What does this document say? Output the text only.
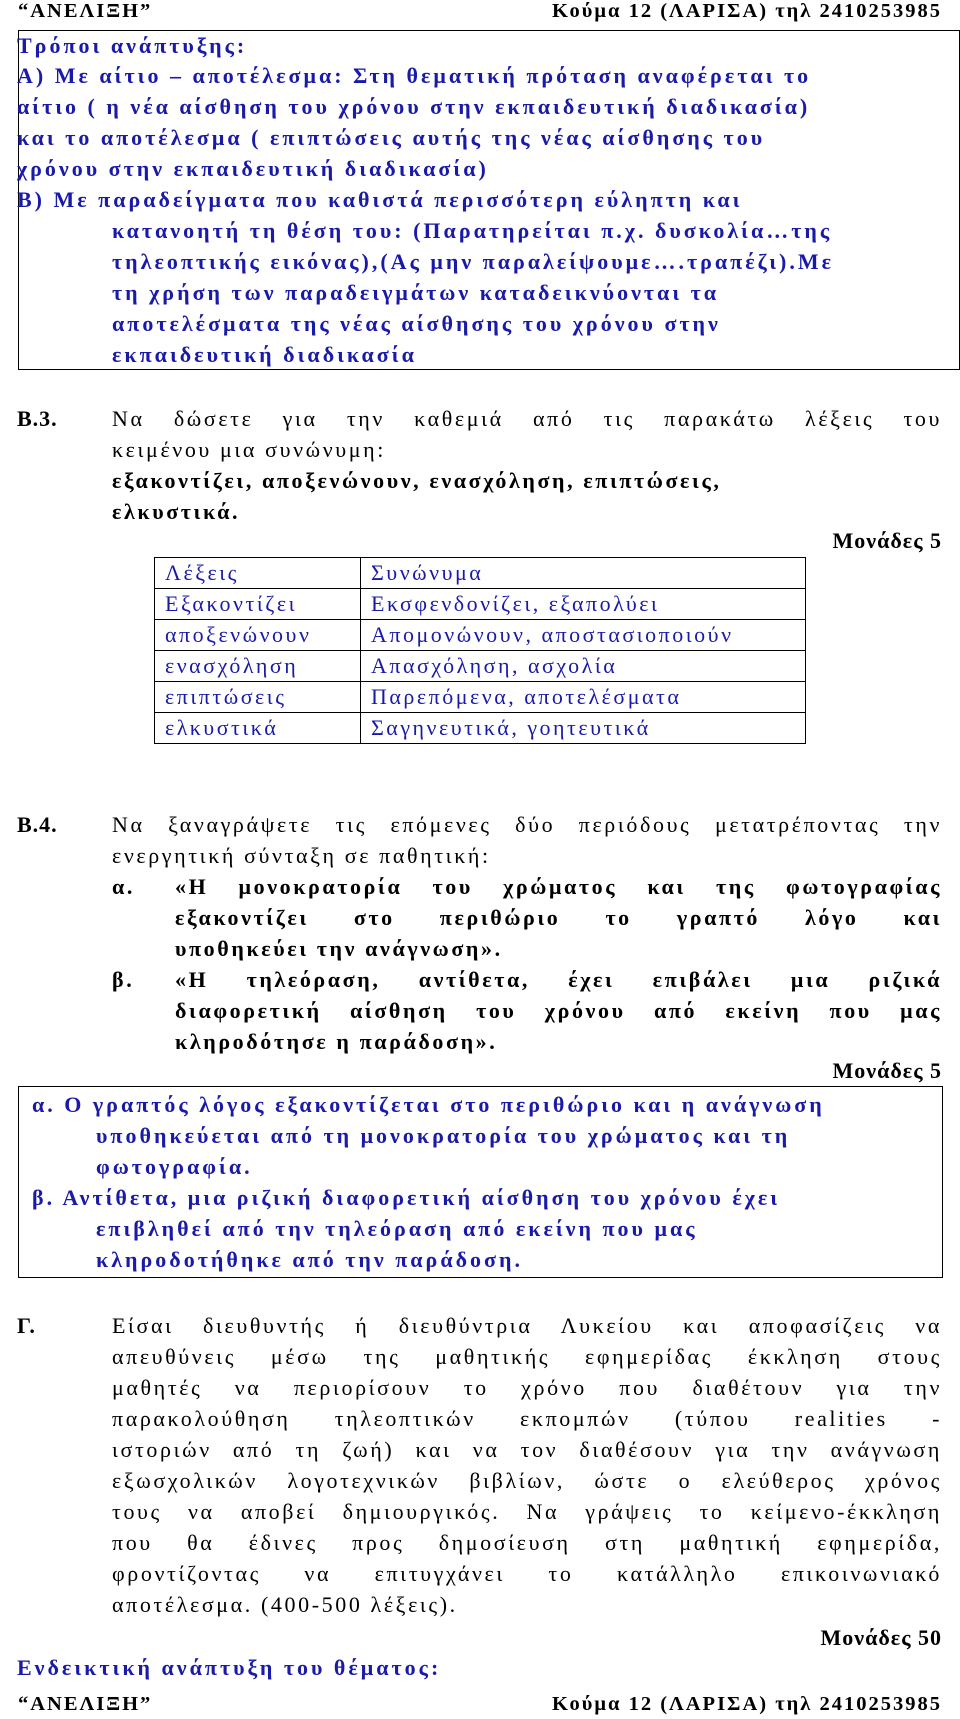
“ΑΝΕΛΙΞΗ”	Κούμα 12 (ΛΑΡΙΣΑ) τηλ 2410253985
Τρόποι ανάπτυξης:
Α) Με αίτιο – αποτέλεσμα: Στη θεματική πρόταση αναφέρεται το
αίτιο ( η νέα αίσθηση του χρόνου στην εκπαιδευτική διαδικασία)
και το αποτέλεσμα ( επιπτώσεις αυτής της νέας αίσθησης του
χρόνου στην εκπαιδευτική διαδικασία)
Β) Με παραδείγματα που καθιστά περισσότερη εύληπτη και
κατανοητή τη θέση του: (Παρατηρείται π.χ. δυσκολία…της
τηλεοπτικής εικόνας),(Ας μην παραλείψουμε….τραπέζι).Με
τη χρήση των παραδειγμάτων καταδεικνύονται τα
αποτελέσματα της νέας αίσθησης του χρόνου στην
εκπαιδευτική διαδικασία
Β.3. Να δώσετε για την καθεμιά από τις παρακάτω λέξεις του
κειμένου μια συνώνυμη:
εξακοντίζει, αποξενώνουν, ενασχόληση, επιπτώσεις,
ελκυστικά.
Μονάδες 5
Λέξεις	Συνώνυμα
Εξακοντίζει	Εκσφενδονίζει, εξαπολύει
αποξενώνουν	Απομονώνουν, αποστασιοποιούν
ενασχόληση	Απασχόληση, ασχολία
επιπτώσεις	Παρεπόμενα, αποτελέσματα
ελκυστικά	Σαγηνευτικά, γοητευτικά
Β.4. Να ξαναγράψετε τις επόμενες δύο περιόδους μετατρέποντας την
ενεργητική σύνταξη σε παθητική:
α. «Η μονοκρατορία του χρώματος και της φωτογραφίας
εξακοντίζει στο περιθώριο το γραπτό λόγο και
υποθηκεύει την ανάγνωση».
β. «Η τηλεόραση, αντίθετα, έχει επιβάλει μια ριζικά
διαφορετική αίσθηση του χρόνου από εκείνη που μας
κληροδότησε η παράδοση».
Μονάδες 5
α. Ο γραπτός λόγος εξακοντίζεται στο περιθώριο και η ανάγνωση
υποθηκεύεται από τη μονοκρατορία του χρώματος και τη
φωτογραφία.
β. Αντίθετα, μια ριζική διαφορετική αίσθηση του χρόνου έχει
επιβληθεί από την τηλεόραση από εκείνη που μας
κληροδοτήθηκε από την παράδοση.
Γ.	Είσαι διευθυντής ή διευθύντρια Λυκείου και αποφασίζεις να
απευθύνεις μέσω της μαθητικής εφημερίδας έκκληση στους
μαθητές να περιορίσουν το χρόνο που διαθέτουν για την
παρακολούθηση τηλεοπτικών εκπομπών (τύπου realities -
ιστοριών από τη ζωή) και να τον διαθέσουν για την ανάγνωση
εξωσχολικών λογοτεχνικών βιβλίων, ώστε ο ελεύθερος χρόνος
τους να αποβεί δημιουργικός. Να γράψεις το κείμενο-έκκληση
που θα έδινες προς δημοσίευση στη μαθητική εφημερίδα,
φροντίζοντας να επιτυγχάνει το κατάλληλο επικοινωνιακό
αποτέλεσμα. (400-500 λέξεις).
Μονάδες 50
Ενδεικτική ανάπτυξη του θέματος:
“ΑΝΕΛΙΞΗ”	Κούμα 12 (ΛΑΡΙΣΑ) τηλ 2410253985
